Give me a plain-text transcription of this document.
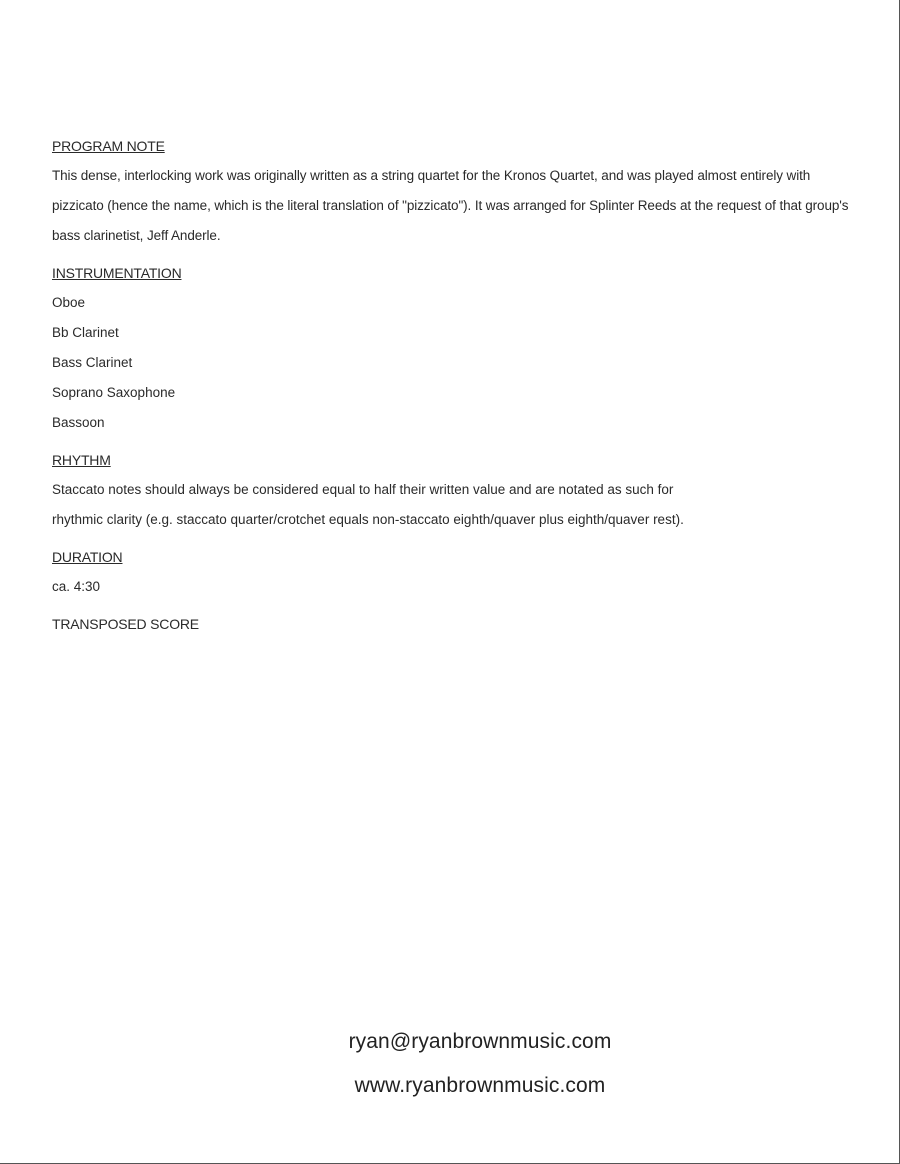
PROGRAM NOTE

This dense, interlocking work was originally written as a string quartet for the Kronos Quartet, and was played almost entirely with pizzicato (hence the name, which is the literal translation of "pizzicato"). It was arranged for Splinter Reeds at the request of that group's bass clarinetist, Jeff Anderle.

INSTRUMENTATION
Oboe
Bb Clarinet
Bass Clarinet
Soprano Saxophone
Bassoon
RHYTHM
Staccato notes should always be considered equal to half their written value and are notated as such for
rhythmic clarity (e.g. staccato quarter/crotchet equals non-staccato eighth/quaver plus eighth/quaver rest).
DURATION
ca. 4:30
TRANSPOSED SCORE
ryan@ryanbrownmusic.com
www.ryanbrownmusic.com
